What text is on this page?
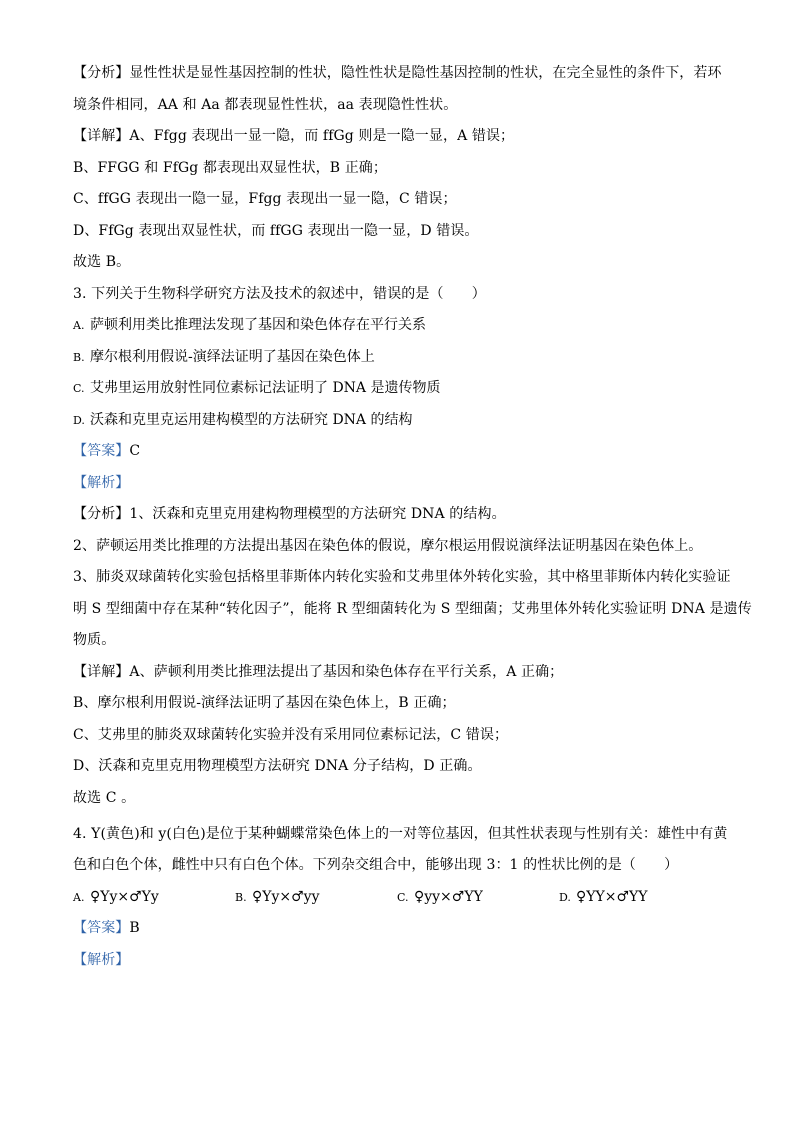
【分析】显性性状是显性基因控制的性状，隐性性状是隐性基因控制的性状，在完全显性的条件下，若环
境条件相同，AA 和 Aa 都表现显性性状，aa 表现隐性性状。
【详解】A、Ffgg 表现出一显一隐，而 ffGg 则是一隐一显，A 错误；
B、FFGG 和 FfGg 都表现出双显性状，B 正确；
C、ffGG 表现出一隐一显，Ffgg 表现出一显一隐，C 错误；
D、FfGg 表现出双显性状，而 ffGG 表现出一隐一显，D 错误。
故选 B。
3. 下列关于生物科学研究方法及技术的叙述中，错误的是（　　）
A. 萨顿利用类比推理法发现了基因和染色体存在平行关系
B. 摩尔根利用假说-演绎法证明了基因在染色体上
C. 艾弗里运用放射性同位素标记法证明了 DNA 是遗传物质
D. 沃森和克里克运用建构模型的方法研究 DNA 的结构
【答案】C
【解析】
【分析】1、沃森和克里克用建构物理模型的方法研究 DNA 的结构。
2、萨顿运用类比推理的方法提出基因在染色体的假说，摩尔根运用假说演绎法证明基因在染色体上。
3、肺炎双球菌转化实验包括格里菲斯体内转化实验和艾弗里体外转化实验，其中格里菲斯体内转化实验证
明 S 型细菌中存在某种“转化因子”，能将 R 型细菌转化为 S 型细菌；艾弗里体外转化实验证明 DNA 是遗传
物质。
【详解】A、萨顿利用类比推理法提出了基因和染色体存在平行关系，A 正确；
B、摩尔根利用假说-演绎法证明了基因在染色体上，B 正确；
C、艾弗里的肺炎双球菌转化实验并没有采用同位素标记法，C 错误；
D、沃森和克里克用物理模型方法研究 DNA 分子结构，D 正确。
故选 C 。
4. Y(黄色)和 y(白色)是位于某种蝴蝶常染色体上的一对等位基因，但其性状表现与性别有关：雄性中有黄
色和白色个体，雌性中只有白色个体。下列杂交组合中，能够出现 3：1 的性状比例的是（　　）
A. ♀Yy×♂Yy	B. ♀Yy×♂yy	C. ♀yy×♂YY	D. ♀YY×♂YY
【答案】B
【解析】
